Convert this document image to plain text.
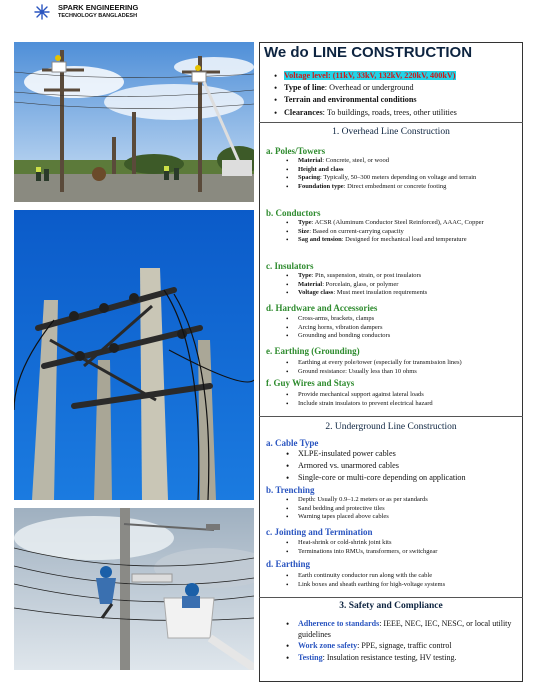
SPARK ENGINEERING
TECHNOLOGY BANGLADESH
We do LINE CONSTRUCTION
• Voltage level: (11kV, 33kV, 132kV, 220kV, 400kV)
• Type of line: Overhead or underground
• Terrain and environmental conditions
• Clearances: To buildings, roads, trees, other utilities
1. Overhead Line Construction
a. Poles/Towers
• Material: Concrete, steel, or wood
• Height and class
• Spacing: Typically, 50–300 meters depending on voltage and terrain
• Foundation type: Direct embedment or concrete footing
b. Conductors
• Type: ACSR (Aluminum Conductor Steel Reinforced), AAAC, Copper
• Size: Based on current-carrying capacity
• Sag and tension: Designed for mechanical load and temperature
c. Insulators
• Type: Pin, suspension, strain, or post insulators
• Material: Porcelain, glass, or polymer
• Voltage class: Must meet insulation requirements
d. Hardware and Accessories
• Cross-arms, brackets, clamps
• Arcing horns, vibration dampers
• Grounding and bonding conductors
e. Earthing (Grounding)
• Earthing at every pole/tower (especially for transmission lines)
• Ground resistance: Usually less than 10 ohms
f. Guy Wires and Stays
• Provide mechanical support against lateral loads
• Include strain insulators to prevent electrical hazard
2. Underground Line Construction
a. Cable Type
• XLPE-insulated power cables
• Armored vs. unarmored cables
• Single-core or multi-core depending on application
b. Trenching
• Depth: Usually 0.9–1.2 meters or as per standards
• Sand bedding and protective tiles
• Warning tapes placed above cables
c. Jointing and Termination
• Heat-shrink or cold-shrink joint kits
• Terminations into RMUs, transformers, or switchgear
d. Earthing
• Earth continuity conductor run along with the cable
• Link boxes and sheath earthing for high-voltage systems
3. Safety and Compliance
• Adherence to standards: IEEE, NEC, IEC, NESC, or local utility guidelines
• Work zone safety: PPE, signage, traffic control
• Testing: Insulation resistance testing, HV testing.
